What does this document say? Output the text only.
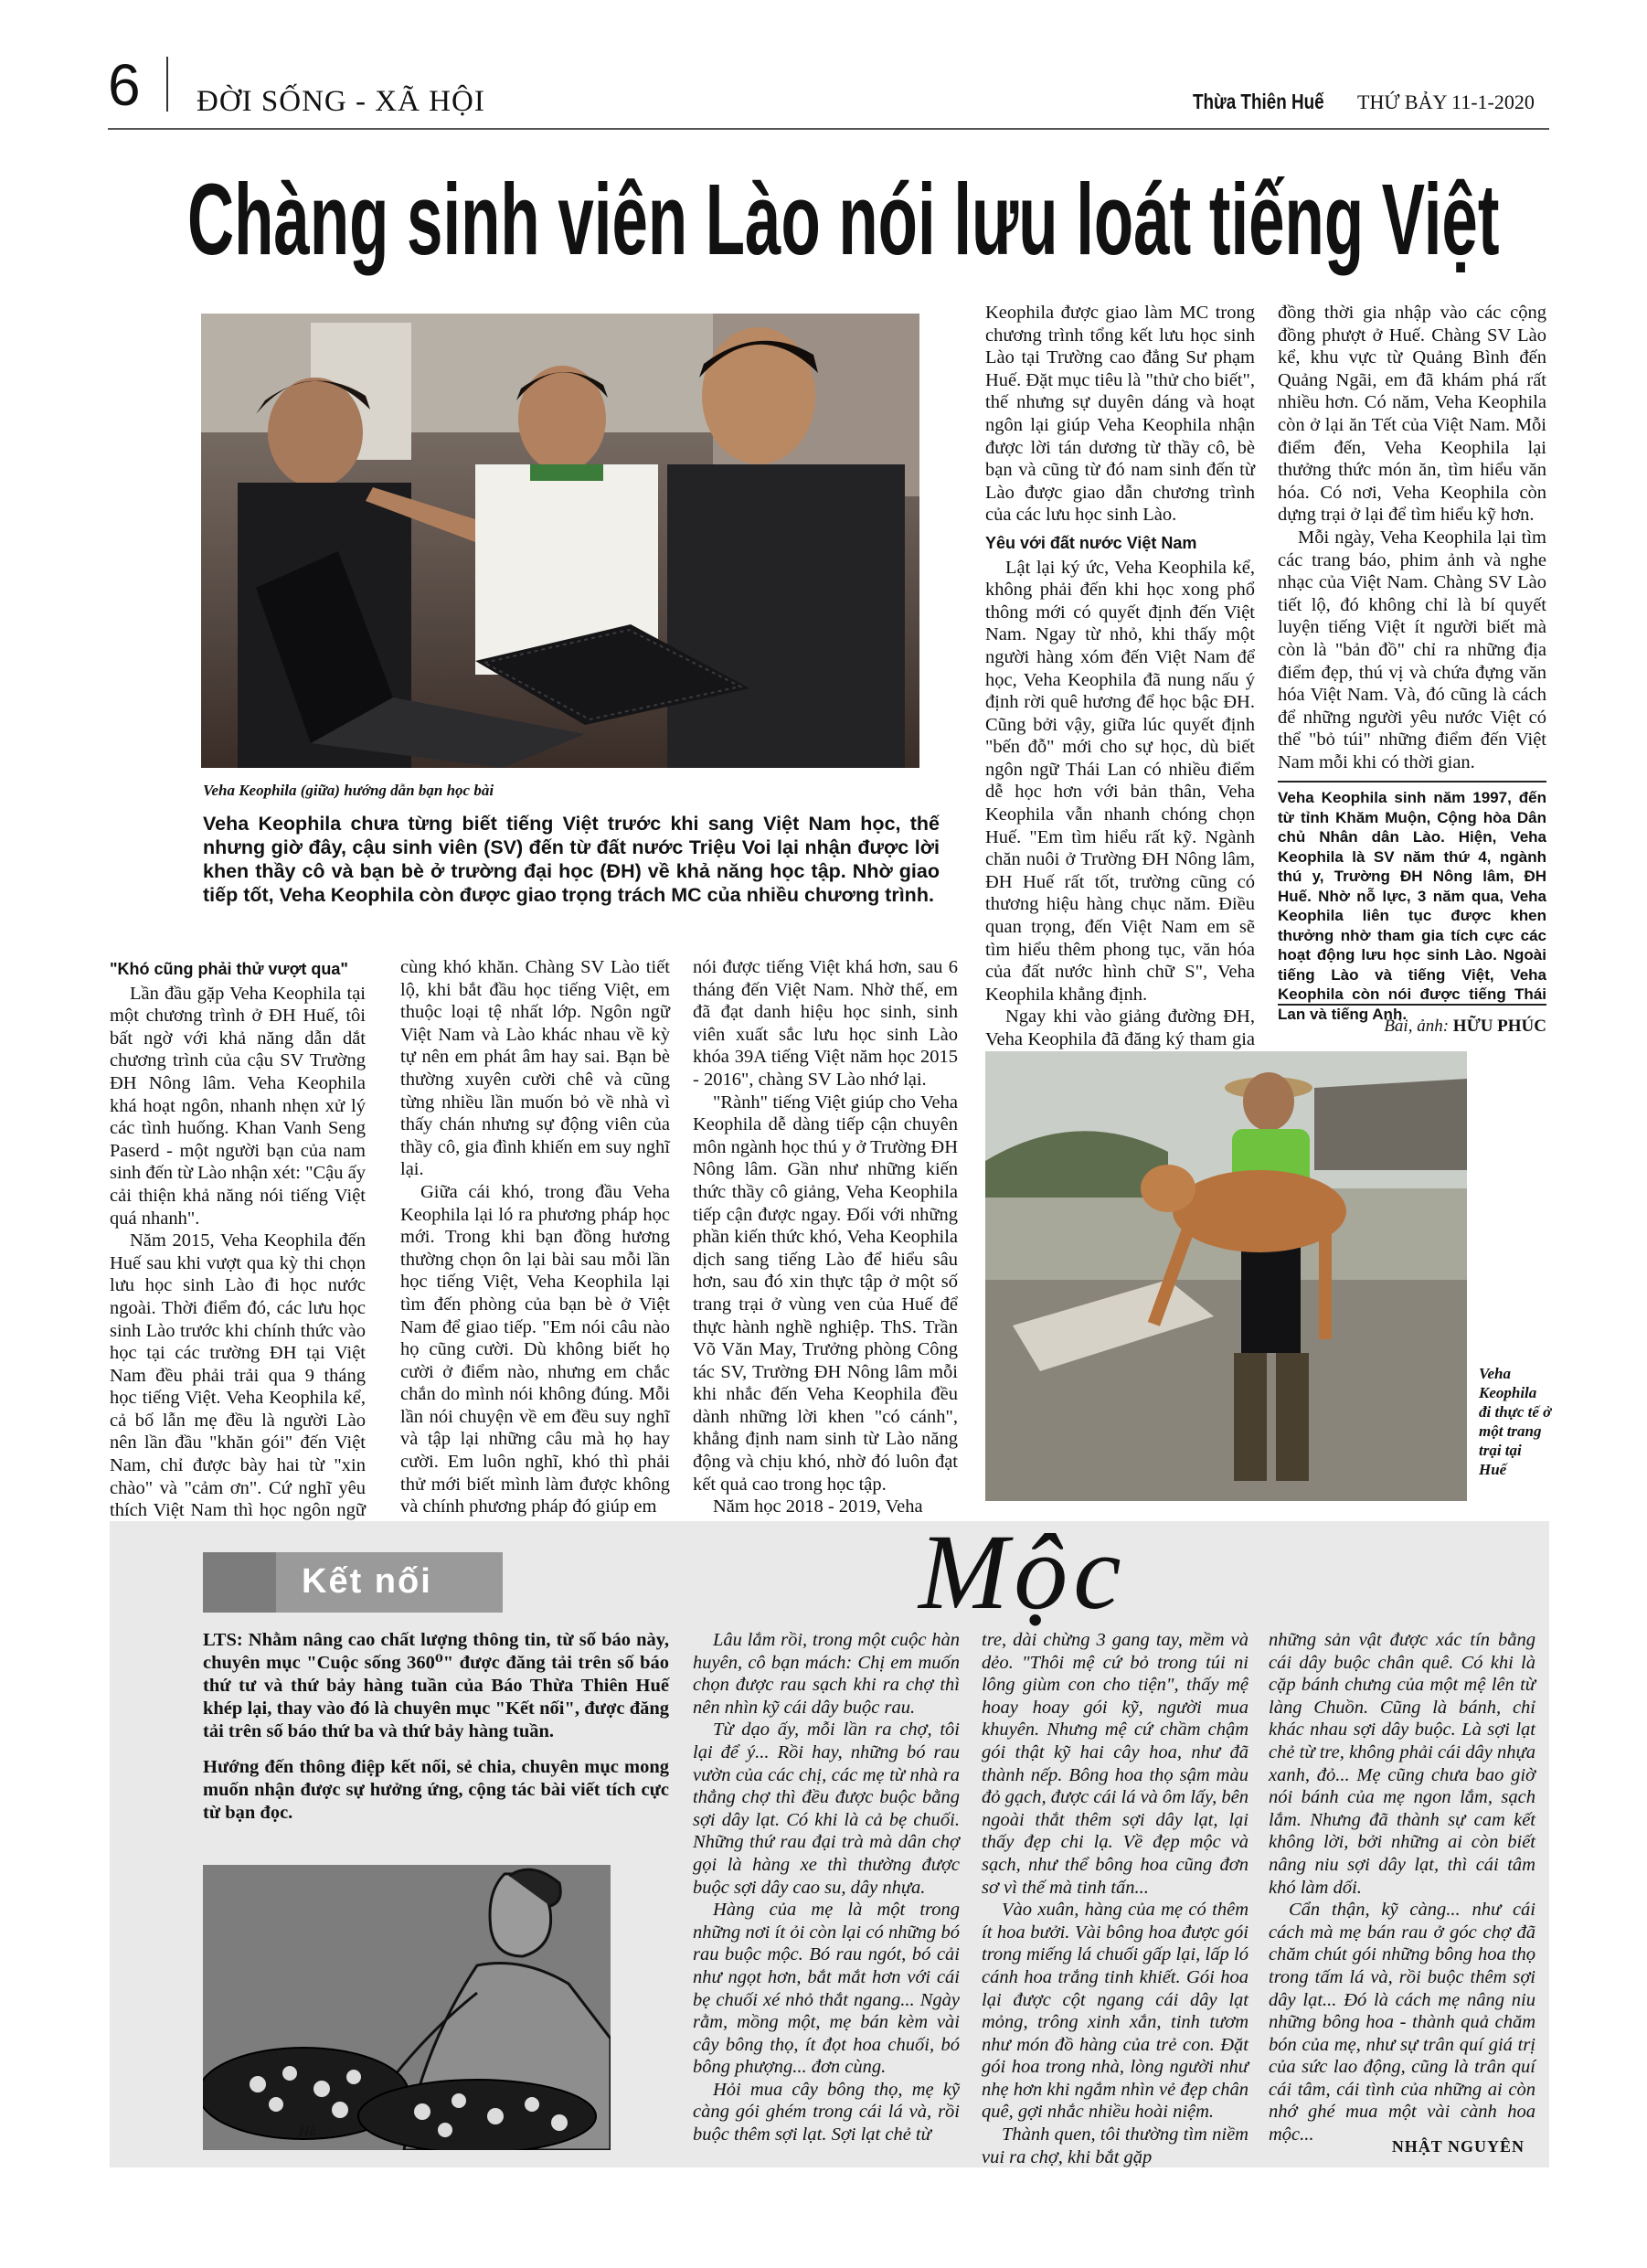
6 ĐỜI SỐNG - XÃ HỘI	Thừa Thiên Huế THỨ BẢY 11-1-2020
Chàng sinh viên Lào nói lưu loát tiếng Việt
Veha Keophila (giữa) hướng dẫn bạn học bài
Veha Keophila chưa từng biết tiếng Việt trước khi sang Việt Nam học, thế nhưng giờ đây, cậu sinh viên (SV) đến từ đất nước Triệu Voi lại nhận được lời khen thầy cô và bạn bè ở trường đại học (ĐH) về khả năng học tập. Nhờ giao tiếp tốt, Veha Keophila còn được giao trọng trách MC của nhiều chương trình.
"Khó cũng phải thử vượt qua"

Lần đầu gặp Veha Keophila tại một chương trình ở ĐH Huế, tôi bất ngờ với khả năng dẫn dắt chương trình của cậu SV Trường ĐH Nông lâm. Veha Keophila khá hoạt ngôn, nhanh nhẹn xử lý các tình huống. Khan Vanh Seng Paserd - một người bạn của nam sinh đến từ Lào nhận xét: "Cậu ấy cải thiện khả năng nói tiếng Việt quá nhanh".

Năm 2015, Veha Keophila đến Huế sau khi vượt qua kỳ thi chọn lưu học sinh Lào đi học nước ngoài. Thời điểm đó, các lưu học sinh Lào trước khi chính thức vào học tại các trường ĐH tại Việt Nam đều phải trải qua 9 tháng học tiếng Việt. Veha Keophila kể, cả bố lẫn mẹ đều là người Lào nên lần đầu "khăn gói" đến Việt Nam, chỉ được bày hai từ "xin chào" và "cảm ơn". Cứ nghĩ yêu thích Việt Nam thì học ngôn ngữ

cùng khó khăn. Chàng SV Lào tiết lộ, khi bắt đầu học tiếng Việt, em thuộc loại tệ nhất lớp. Ngôn ngữ Việt Nam và Lào khác nhau về kỳ tự nên em phát âm hay sai. Bạn bè thường xuyên cười chê và cũng từng nhiều lần muốn bỏ về nhà vì thấy chán nhưng sự động viên của thầy cô, gia đình khiến em suy nghĩ lại.

Giữa cái khó, trong đầu Veha Keophila lại ló ra phương pháp học mới. Trong khi bạn đồng hương thường chọn ôn lại bài sau mỗi lần học tiếng Việt, Veha Keophila lại tìm đến phòng của bạn bè ở Việt Nam để giao tiếp. "Em nói câu nào họ cũng cười. Dù không biết họ cười ở điểm nào, nhưng em chắc chắn do mình nói không đúng. Mỗi lần nói chuyện về em đều suy nghĩ và tập lại những câu mà họ hay cười. Em luôn nghĩ, khó thì phải thử mới biết mình làm được không và chính phương pháp đó giúp em

nói được tiếng Việt khá hơn, sau 6 tháng đến Việt Nam. Nhờ thế, em đã đạt danh hiệu học sinh, sinh viên xuất sắc lưu học sinh Lào khóa 39A tiếng Việt năm học 2015 - 2016", chàng SV Lào nhớ lại.

"Rành" tiếng Việt giúp cho Veha Keophila dễ dàng tiếp cận chuyên môn ngành học thú y ở Trường ĐH Nông lâm. Gần như những kiến thức thầy cô giảng, Veha Keophila tiếp cận được ngay. Đối với những phần kiến thức khó, Veha Keophila dịch sang tiếng Lào để hiểu sâu hơn, sau đó xin thực tập ở một số trang trại ở vùng ven của Huế để thực hành nghề nghiệp. ThS. Trần Võ Văn May, Trưởng phòng Công tác SV, Trường ĐH Nông lâm mỗi khi nhắc đến Veha Keophila đều dành những lời khen "có cánh", khẳng định nam sinh từ Lào năng động và chịu khó, nhờ đó luôn đạt kết quả cao trong học tập.

Năm học 2018 - 2019, Veha

Keophila được giao làm MC trong chương trình tổng kết lưu học sinh Lào tại Trường cao đẳng Sư phạm Huế. Đặt mục tiêu là "thử cho biết", thế nhưng sự duyên dáng và hoạt ngôn lại giúp Veha Keophila nhận được lời tán dương từ thầy cô, bè bạn và cũng từ đó nam sinh đến từ Lào được giao dẫn chương trình của các lưu học sinh Lào.

Yêu với đất nước Việt Nam

Lật lại ký ức, Veha Keophila kể, không phải đến khi học xong phổ thông mới có quyết định đến Việt Nam. Ngay từ nhỏ, khi thấy một người hàng xóm đến Việt Nam để học, Veha Keophila đã nung nấu ý định rời quê hương để học bậc ĐH. Cũng bởi vậy, giữa lúc quyết định "bến đỗ" mới cho sự học, dù biết ngôn ngữ Thái Lan có nhiều điểm dễ học hơn với bản thân, Veha Keophila vẫn nhanh chóng chọn Huế. "Em tìm hiểu rất kỹ. Ngành chăn nuôi ở Trường ĐH Nông lâm, ĐH Huế rất tốt, trường cũng có thương hiệu hàng chục năm. Điều quan trọng, đến Việt Nam em sẽ tìm hiểu thêm phong tục, văn hóa của đất nước hình chữ S", Veha Keophila khẳng định.

Ngay khi vào giảng đường ĐH, Veha Keophila đã đăng ký tham gia

đồng thời gia nhập vào các cộng đồng phượt ở Huế. Chàng SV Lào kể, khu vực từ Quảng Bình đến Quảng Ngãi, em đã khám phá rất nhiều hơn. Có năm, Veha Keophila còn ở lại ăn Tết của Việt Nam. Mỗi điểm đến, Veha Keophila lại thưởng thức món ăn, tìm hiểu văn hóa. Có nơi, Veha Keophila còn dựng trại ở lại để tìm hiểu kỹ hơn.

Mỗi ngày, Veha Keophila lại tìm các trang báo, phim ảnh và nghe nhạc của Việt Nam. Chàng SV Lào tiết lộ, đó không chỉ là bí quyết luyện tiếng Việt ít người biết mà còn là "bản đồ" chỉ ra những địa điểm đẹp, thú vị và chứa đựng văn hóa Việt Nam. Và, đó cũng là cách để những người yêu nước Việt có thể "bỏ túi" những điểm đến Việt Nam mỗi khi có thời gian.

Veha Keophila sinh năm 1997, đến từ tỉnh Khăm Muộn, Cộng hòa Dân chủ Nhân dân Lào. Hiện, Veha Keophila là SV năm thứ 4, ngành thú y, Trường ĐH Nông lâm, ĐH Huế. Nhờ nỗ lực, 3 năm qua, Veha Keophila liên tục được khen thưởng nhờ tham gia tích cực các hoạt động lưu học sinh Lào. Ngoài tiếng Lào và tiếng Việt, Veha Keophila còn nói được tiếng Thái Lan và tiếng Anh.
Bài, ảnh: HỮU PHÚC
Veha Keophila đi thực tế ở một trang trại tại Huế
Kết nối	Mộc

LTS: Nhằm nâng cao chất lượng thông tin, từ số báo này, chuyên mục "Cuộc sống 360⁰" được đăng tải trên số báo thứ tư và thứ bảy hàng tuần của Báo Thừa Thiên Huế khép lại, thay vào đó là chuyên mục "Kết nối", được đăng tải trên số báo thứ ba và thứ bảy hàng tuần.

Hướng đến thông điệp kết nối, sẻ chia, chuyên mục mong muốn nhận được sự hưởng ứng, cộng tác bài viết tích cực từ bạn đọc.

Hà

Lâu lắm rồi, trong một cuộc hàn huyên, cô bạn mách: Chị em muốn chọn được rau sạch khi ra chợ thì nên nhìn kỹ cái dây buộc rau.

Từ dạo ấy, mỗi lần ra chợ, tôi lại để ý... Rồi hay, những bó rau vườn của các chị, các mẹ từ nhà ra thẳng chợ thì đều được buộc bằng sợi dây lạt. Có khi là cả bẹ chuối. Những thứ rau đại trà mà dân chợ gọi là hàng xe thì thường được buộc sợi dây cao su, dây nhựa.

Hàng của mẹ là một trong những nơi ít ỏi còn lại có những bó rau buộc mộc. Bó rau ngót, bó cải như ngọt hơn, bắt mắt hơn với cái bẹ chuối xé nhỏ thắt ngang... Ngày rằm, mồng một, mẹ bán kèm vài cây bông thọ, ít đọt hoa chuối, bó bông phượng... đơn cùng.

Hỏi mua cây bông thọ, mẹ kỹ càng gói ghém trong cái lá và, rồi buộc thêm sợi lạt. Sợi lạt chẻ từ

tre, dài chừng 3 gang tay, mềm và dẻo. "Thôi mệ cứ bỏ trong túi ni lông giùm con cho tiện", thấy mệ hoay hoay gói kỹ, người mua khuyên. Nhưng mệ cứ chầm chậm gói thật kỹ hai cây hoa, như đã thành nếp. Bông hoa thọ sậm màu đỏ gạch, được cái lá và ôm lấy, bên ngoài thắt thêm sợi dây lạt, lại thấy đẹp chi lạ. Về đẹp mộc và sạch, như thể bông hoa cũng đơn sơ vì thế mà tinh tấn...

Vào xuân, hàng của mẹ có thêm ít hoa bưởi. Vài bông hoa được gói trong miếng lá chuối gấp lại, lấp ló cánh hoa trắng tinh khiết. Gói hoa lại được cột ngang cái dây lạt mỏng, trông xinh xắn, tinh tươm như món đồ hàng của trẻ con. Đặt gói hoa trong nhà, lòng người như nhẹ hơn khi ngắm nhìn vẻ đẹp chân quê, gợi nhắc nhiều hoài niệm.

Thành quen, tôi thường tìm niềm vui ra chợ, khi bắt gặp

những sản vật được xác tín bằng cái dây buộc chân quê. Có khi là cặp bánh chưng của một mệ lên từ làng Chuồn. Cũng là bánh, chỉ khác nhau sợi dây buộc. Là sợi lạt chẻ từ tre, không phải cái dây nhựa xanh, đỏ... Mẹ cũng chưa bao giờ nói bánh của mẹ ngon lắm, sạch lắm. Nhưng đã thành sự cam kết không lời, bởi những ai còn biết nâng niu sợi dây lạt, thì cái tâm khó làm dối.

Cẩn thận, kỹ càng... như cái cách mà mẹ bán rau ở góc chợ đã chăm chút gói những bông hoa thọ trong tấm lá và, rồi buộc thêm sợi dây lạt... Đó là cách mẹ nâng niu những bông hoa - thành quả chăm bón của mẹ, như sự trân quí giá trị của sức lao động, cũng là trân quí cái tâm, cái tình của những ai còn nhớ ghé mua một vài cành hoa mộc...

NHẬT NGUYÊN
